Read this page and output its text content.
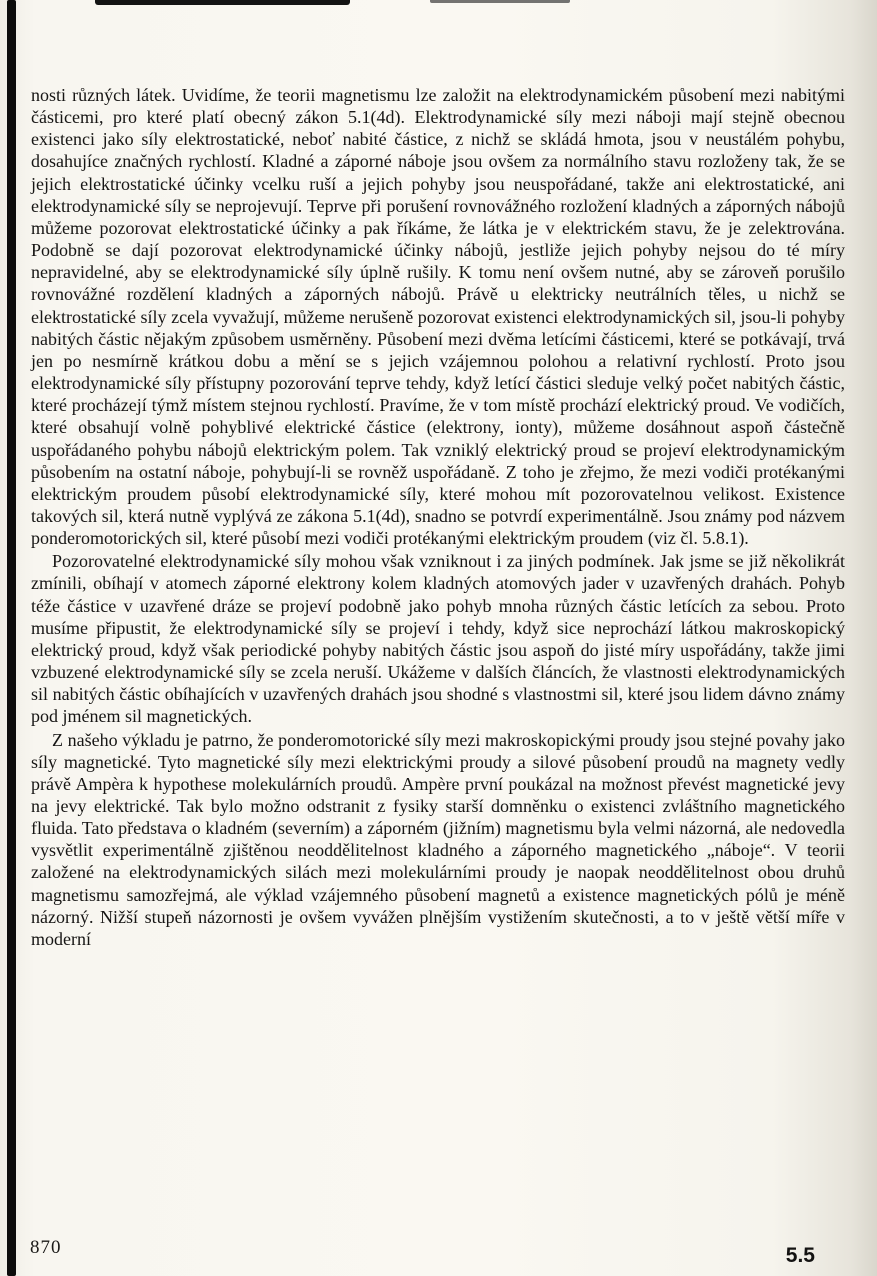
nosti různých látek. Uvidíme, že teorii magnetismu lze založit na elektrodynamickém působení mezi nabitými částicemi, pro které platí obecný zákon 5.1(4d). Elektrodynamické síly mezi náboji mají stejně obecnou existenci jako síly elektrostatické, neboť nabité částice, z nichž se skládá hmota, jsou v neustálém pohybu, dosahujíce značných rychlostí. Kladné a záporné náboje jsou ovšem za normálního stavu rozloženy tak, že se jejich elektrostatické účinky vcelku ruší a jejich pohyby jsou neuspořádané, takže ani elektrostatické, ani elektrodynamické síly se neprojevují. Teprve při porušení rovnovážného rozložení kladných a záporných nábojů můžeme pozorovat elektrostatické účinky a pak říkáme, že látka je v elektrickém stavu, že je zelektrována. Podobně se dají pozorovat elektrodynamické účinky nábojů, jestliže jejich pohyby nejsou do té míry nepravidelné, aby se elektrodynamické síly úplně rušily. K tomu není ovšem nutné, aby se zároveň porušilo rovnovážné rozdělení kladných a záporných nábojů. Právě u elektricky neutrálních těles, u nichž se elektrostatické síly zcela vyvažují, můžeme nerušeně pozorovat existenci elektrodynamických sil, jsou-li pohyby nabitých částic nějakým způsobem usměrněny. Působení mezi dvěma letícími částicemi, které se potkávají, trvá jen po nesmírně krátkou dobu a mění se s jejich vzájemnou polohou a relativní rychlostí. Proto jsou elektrodynamické síly přístupny pozorování teprve tehdy, když letící částici sleduje velký počet nabitých částic, které procházejí týmž místem stejnou rychlostí. Pravíme, že v tom místě prochází elektrický proud. Ve vodičích, které obsahují volně pohyblivé elektrické částice (elektrony, ionty), můžeme dosáhnout aspoň částečně uspořádaného pohybu nábojů elektrickým polem. Tak vzniklý elektrický proud se projeví elektrodynamickým působením na ostatní náboje, pohybují-li se rovněž uspořádaně. Z toho je zřejmo, že mezi vodiči protékanými elektrickým proudem působí elektrodynamické síly, které mohou mít pozorovatelnou velikost. Existence takových sil, která nutně vyplývá ze zákona 5.1(4d), snadno se potvrdí experimentálně. Jsou známy pod názvem ponderomotorických sil, které působí mezi vodiči protékanými elektrickým proudem (viz čl. 5.8.1).

Pozorovatelné elektrodynamické síly mohou však vzniknout i za jiných podmínek. Jak jsme se již několikrát zmínili, obíhají v atomech záporné elektrony kolem kladných atomových jader v uzavřených drahách. Pohyb téže částice v uzavřené dráze se projeví podobně jako pohyb mnoha různých částic letících za sebou. Proto musíme připustit, že elektrodynamické síly se projeví i tehdy, když sice neprochází látkou makroskopický elektrický proud, když však periodické pohyby nabitých částic jsou aspoň do jisté míry uspořádány, takže jimi vzbuzené elektrodynamické síly se zcela neruší. Ukážeme v dalších článcích, že vlastnosti elektrodynamických sil nabitých částic obíhajících v uzavřených drahách jsou shodné s vlastnostmi sil, které jsou lidem dávno známy pod jménem sil magnetických.

Z našeho výkladu je patrno, že ponderomotorické síly mezi makroskopickými proudy jsou stejné povahy jako síly magnetické. Tyto magnetické síly mezi elektrickými proudy a silové působení proudů na magnety vedly právě Ampèra k hypothese molekulárních proudů. Ampère první poukázal na možnost převést magnetické jevy na jevy elektrické. Tak bylo možno odstranit z fysiky starší domněnku o existenci zvláštního magnetického fluida. Tato představa o kladném (severním) a záporném (jižním) magnetismu byla velmi názorná, ale nedovedla vysvětlit experimentálně zjištěnou neoddělitelnost kladného a záporného magnetického „náboje“. V teorii založené na elektrodynamických silách mezi molekulárními proudy je naopak neoddělitelnost obou druhů magnetismu samozřejmá, ale výklad vzájemného působení magnetů a existence magnetických pólů je méně názorný. Nižší stupeň názornosti je ovšem vyvážen plnějším vystižením skutečnosti, a to v ještě větší míře v moderní

870	5.5
